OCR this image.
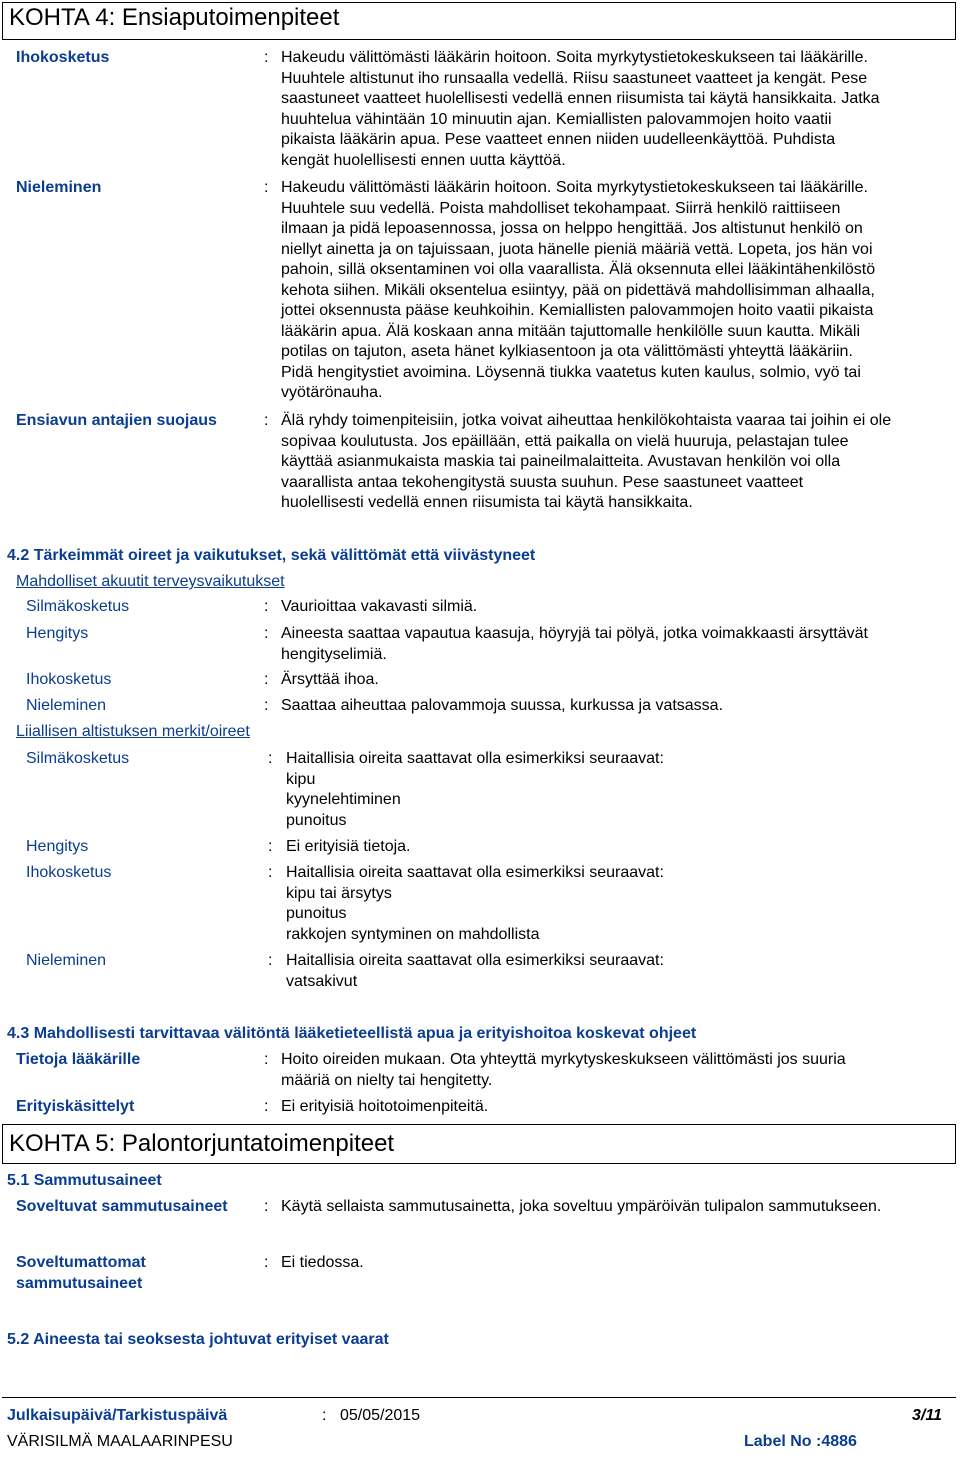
KOHTA 4: Ensiaputoimenpiteet
Ihokosketus	: Hakeudu välittömästi lääkärin hoitoon. Soita myrkytystietokeskukseen tai lääkärille.
Huuhtele altistunut iho runsaalla vedellä. Riisu saastuneet vaatteet ja kengät. Pese
saastuneet vaatteet huolellisesti vedellä ennen riisumista tai käytä hansikkaita. Jatka
huuhtelua vähintään 10 minuutin ajan. Kemiallisten palovammojen hoito vaatii
pikaista lääkärin apua. Pese vaatteet ennen niiden uudelleenkäyttöä. Puhdista
kengät huolellisesti ennen uutta käyttöä.
Nieleminen	: Hakeudu välittömästi lääkärin hoitoon. Soita myrkytystietokeskukseen tai lääkärille.
Huuhtele suu vedellä. Poista mahdolliset tekohampaat. Siirrä henkilö raittiiseen
ilmaan ja pidä lepoasennossa, jossa on helppo hengittää. Jos altistunut henkilö on
niellyt ainetta ja on tajuissaan, juota hänelle pieniä määriä vettä. Lopeta, jos hän voi
pahoin, sillä oksentaminen voi olla vaarallista. Älä oksennuta ellei lääkintähenkilöstö
kehota siihen. Mikäli oksentelua esiintyy, pää on pidettävä mahdollisimman alhaalla,
jottei oksennusta pääse keuhkoihin. Kemiallisten palovammojen hoito vaatii pikaista
lääkärin apua. Älä koskaan anna mitään tajuttomalle henkilölle suun kautta. Mikäli
potilas on tajuton, aseta hänet kylkiasentoon ja ota välittömästi yhteyttä lääkäriin.
Pidä hengitystiet avoimina. Löysennä tiukka vaatetus kuten kaulus, solmio, vyö tai
vyötärönauha.
Ensiavun antajien suojaus	: Älä ryhdy toimenpiteisiin, jotka voivat aiheuttaa henkilökohtaista vaaraa tai joihin ei ole
sopivaa koulutusta. Jos epäillään, että paikalla on vielä huuruja, pelastajan tulee
käyttää asianmukaista maskia tai paineilmalaitteita. Avustavan henkilön voi olla
vaarallista antaa tekohengitystä suusta suuhun. Pese saastuneet vaatteet
huolellisesti vedellä ennen riisumista tai käytä hansikkaita.
4.2 Tärkeimmät oireet ja vaikutukset, sekä välittömät että viivästyneet
Mahdolliset akuutit terveysvaikutukset
Silmäkosketus	: Vaurioittaa vakavasti silmiä.
Hengitys	: Aineesta saattaa vapautua kaasuja, höyryjä tai pölyä, jotka voimakkaasti ärsyttävät
hengityselimiä.
Ihokosketus	: Ärsyttää ihoa.
Nieleminen	: Saattaa aiheuttaa palovammoja suussa, kurkussa ja vatsassa.
Liiallisen altistuksen merkit/oireet
Silmäkosketus	: Haitallisia oireita saattavat olla esimerkiksi seuraavat:
kipu
kyynelehtiminen
punoitus
Hengitys	: Ei erityisiä tietoja.
Ihokosketus	: Haitallisia oireita saattavat olla esimerkiksi seuraavat:
kipu tai ärsytys
punoitus
rakkojen syntyminen on mahdollista
Nieleminen	: Haitallisia oireita saattavat olla esimerkiksi seuraavat:
vatsakivut
4.3 Mahdollisesti tarvittavaa välitöntä lääketieteellistä apua ja erityishoitoa koskevat ohjeet
Tietoja lääkärille	: Hoito oireiden mukaan. Ota yhteyttä myrkytyskeskukseen välittömästi jos suuria
määriä on nielty tai hengitetty.
Erityiskäsittelyt	: Ei erityisiä hoitotoimenpiteitä.
KOHTA 5: Palontorjuntatoimenpiteet
5.1 Sammutusaineet
Soveltuvat sammutusaineet : Käytä sellaista sammutusainetta, joka soveltuu ympäröivän tulipalon sammutukseen.
Soveltumattomat
sammutusaineet
: Ei tiedossa.
5.2 Aineesta tai seoksesta johtuvat erityiset vaarat
Julkaisupäivä/Tarkistuspäivä	: 05/05/2015	3/11
VÄRISILMÄ MAALAARINPESU	Label No :4886
